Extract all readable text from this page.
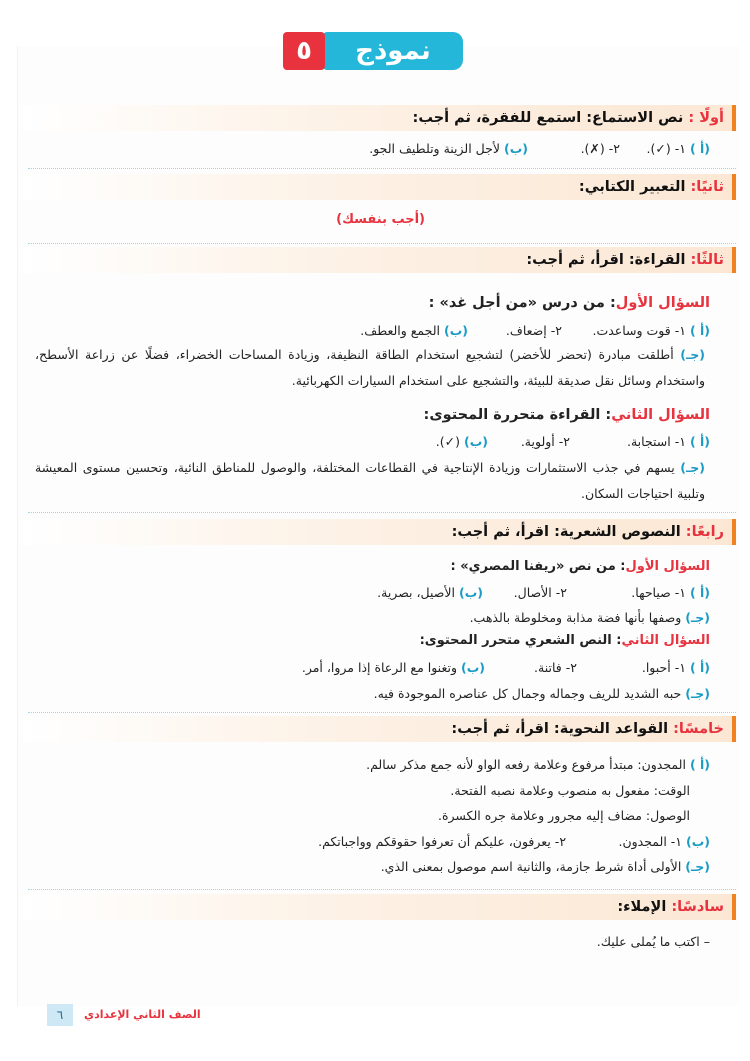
نموذج
٥
أولًا : نص الاستماع: استمع للفقرة، ثم أجب:
(أ ) ١- (✓). ٢- (✗). (ب) لأجل الزينة وتلطيف الجو.
ثانيًا: التعبير الكتابي:
(أجب بنفسك)
ثالثًا: القراءة: اقرأ، ثم أجب:
السؤال الأول: من درس «من أجل غد» :
(أ ) ١- قوت وساعدت. ٢- إضعاف. (ب) الجمع والعطف.
(جـ) أطلقت مبادرة (تحضر للأخضر) لتشجيع استخدام الطاقة النظيفة، وزيادة المساحات الخضراء، فضلًا عن زراعة الأسطح، واستخدام وسائل نقل صديقة للبيئة، والتشجيع على استخدام السيارات الكهربائية.
السؤال الثاني: القراءة متحررة المحتوى:
(أ ) ١- استجابة. ٢- أولوية. (ب) (✓).
(جـ) يسهم في جذب الاستثمارات وزيادة الإنتاجية في القطاعات المختلفة، والوصول للمناطق النائية، وتحسين مستوى المعيشة وتلبية احتياجات السكان.
رابعًا: النصوص الشعرية: اقرأ، ثم أجب:
السؤال الأول: من نص «ريفنا المصري» :
(أ ) ١- صياحها. ٢- الأصال. (ب) الأصيل، بصرية.
(جـ) وصفها بأنها فضة مذابة ومخلوطة بالذهب.
السؤال الثاني: النص الشعري متحرر المحتوى:
(أ ) ١- أحبوا. ٢- فاتنة. (ب) وتغنوا مع الرعاة إذا مروا، أمر.
(جـ) حبه الشديد للريف وجماله وجمال كل عناصره الموجودة فيه.
خامسًا: القواعد النحوية: اقرأ، ثم أجب:
(أ ) المجدون: مبتدأ مرفوع وعلامة رفعه الواو لأنه جمع مذكر سالم.
الوقت: مفعول به منصوب وعلامة نصبه الفتحة.
الوصول: مضاف إليه مجرور وعلامة جره الكسرة.
(ب) ١- المجدون. ٢- يعرفون، عليكم أن تعرفوا حقوقكم وواجباتكم.
(جـ) الأولى أداة شرط جازمة، والثانية اسم موصول بمعنى الذي.
سادسًا: الإملاء:
– اكتب ما يُملى عليك.
٦	الصف الثاني الإعدادي
